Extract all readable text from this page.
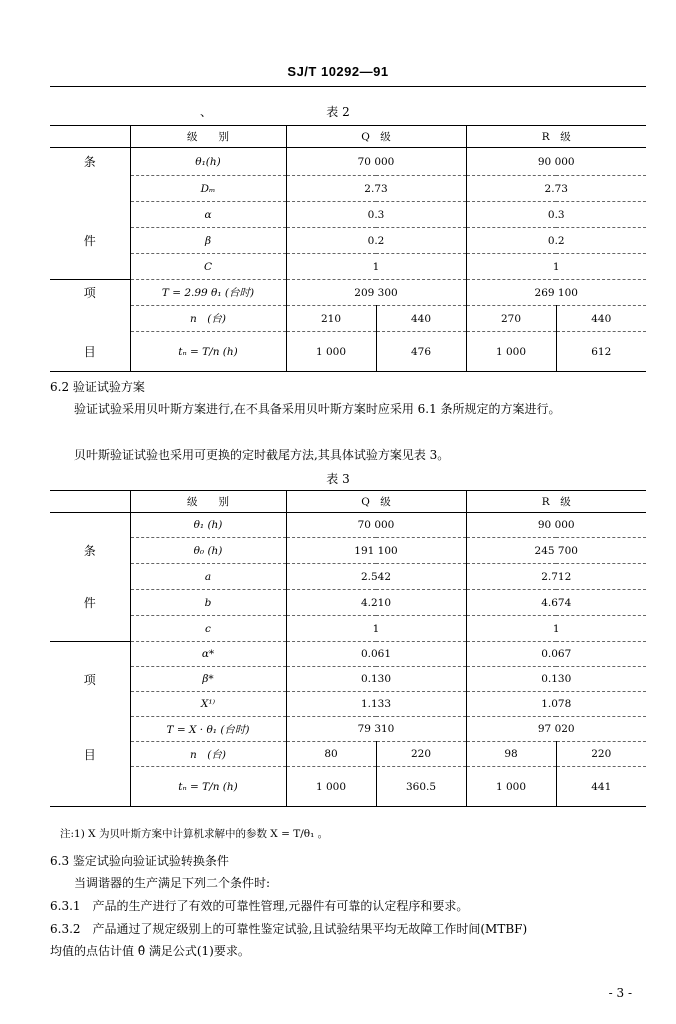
SJ/T 10292—91
、	表 2
	级　　别	Q　级		R　级	
条	θ₁(h)	70 000		90 000	
	Dₘ	2.73		2.73	
	α	0.3		0.3	
件	β	0.2		0.2	
	C	1		1	
项	T = 2.99 θ₁ (台时)	209 300		269 100	
	n　(台)	210	440	270	440
目	tₙ = T/n (h)	1 000	476	1 000	612
6.2 验证试验方案
验证试验采用贝叶斯方案进行,在不具备采用贝叶斯方案时应采用 6.1 条所规定的方案进行。
贝叶斯验证试验也采用可更换的定时截尾方法,其具体试验方案见表 3。
表 3
	级　　别	Q　级		R　级	
	θ₁ (h)	70 000		90 000	
条	θ₀ (h)	191 100		245 700	
	a	2.542		2.712	
件	b	4.210		4.674	
	c	1		1	
	α*	0.061		0.067	
项	β*	0.130		0.130	
	X¹⁾	1.133		1.078	
	T = X · θ₁ (台时)	79 310		97 020	
目	n　(台)	80	220	98	220
	tₙ = T/n (h)	1 000	360.5	1 000	441
注:1) X 为贝叶斯方案中计算机求解中的参数 X = T/θ₁ 。
6.3 鉴定试验向验证试验转换条件
当调谐器的生产满足下列二个条件时:
6.3.1　产品的生产进行了有效的可靠性管理,元器件有可靠的认定程序和要求。
6.3.2　产品通过了规定级别上的可靠性鉴定试验,且试验结果平均无故障工作时间(MTBF)
均值的点估计值 θ̂ 满足公式(1)要求。
- 3 -
